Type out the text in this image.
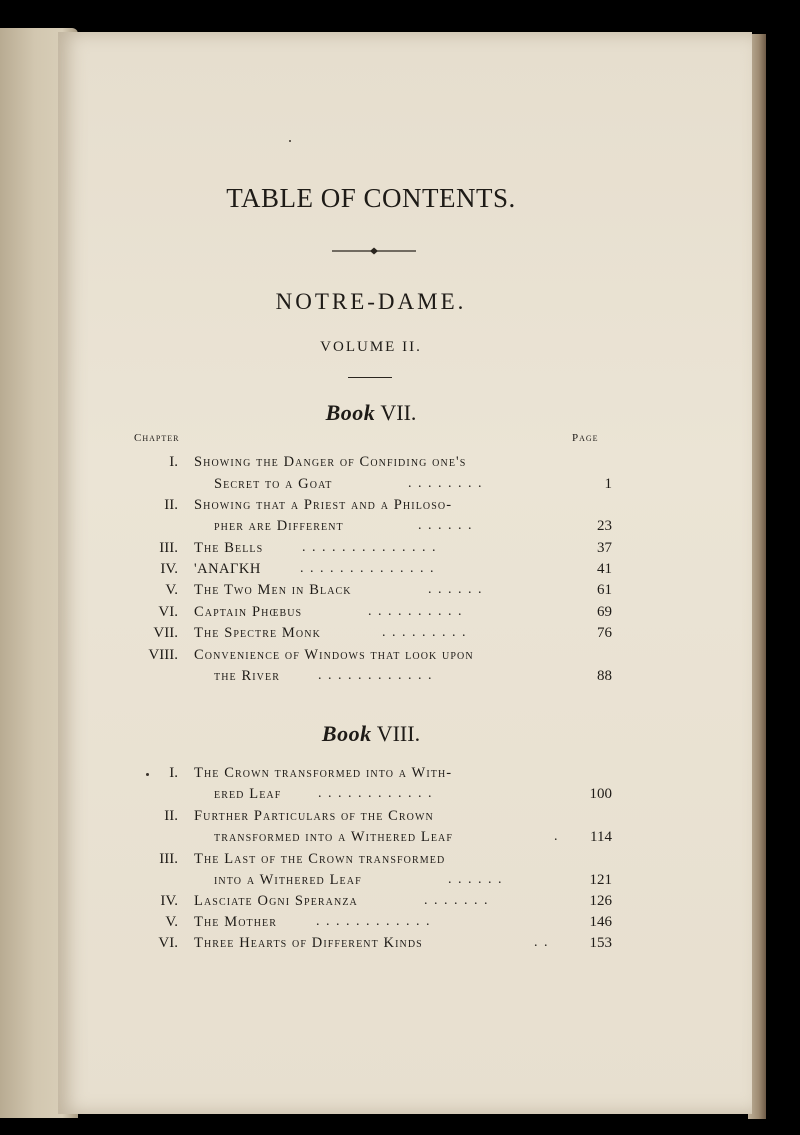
TABLE OF CONTENTS.
NOTRE-DAME.
VOLUME II.
Book VII.
Chapter	Page
I. Showing the Danger of Confiding one's
Secret to a Goat	........	1
II. Showing that a Priest and a Philoso-
pher are Different	......	23
III. The Bells	..............	37
IV. 'ΑΝΑΓΚΗ	..............	41
V. The Two Men in Black	......	61
VI. Captain Phœbus	..........	69
VII. The Spectre Monk	.........	76
VIII. Convenience of Windows that look upon
the River	............	88
Book VIII.
I. The Crown transformed into a With-
ered Leaf	............	100
II. Further Particulars of the Crown
transformed into a Withered Leaf	.	114
III. The Last of the Crown transformed
into a Withered Leaf	......	121
IV. Lasciate Ogni Speranza	.......	126
V. The Mother	............	146
VI. Three Hearts of Different Kinds	..	153
